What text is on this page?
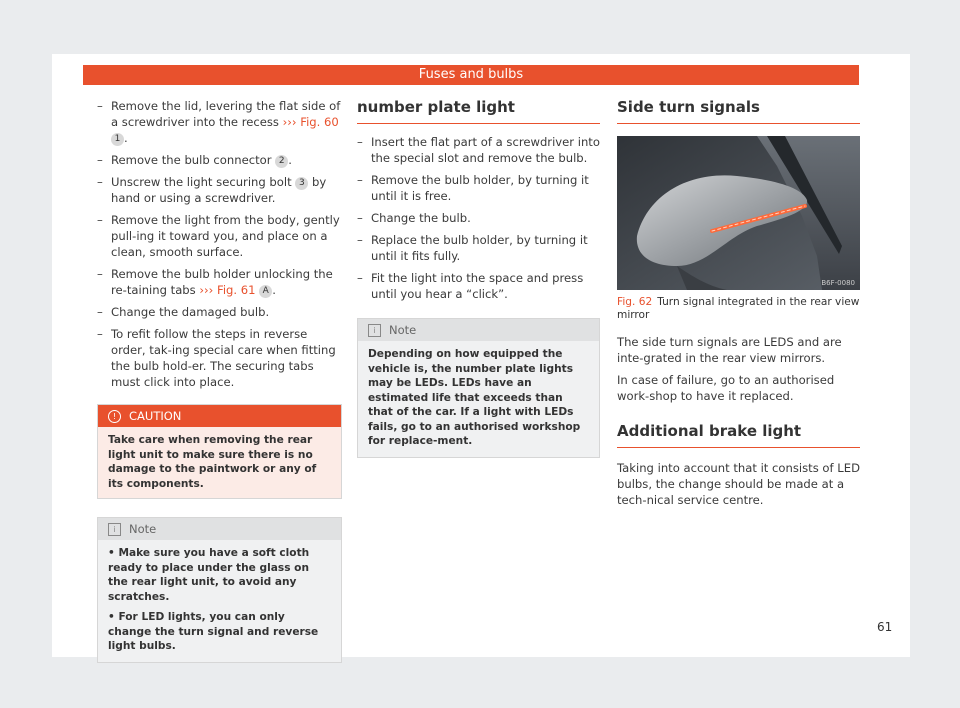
Fuses and bulbs
– Remove the lid, levering the flat side of a screwdriver into the recess ››› Fig. 60 1 .
– Remove the bulb connector 2 .
– Unscrew the light securing bolt 3 by hand or using a screwdriver.
– Remove the light from the body, gently pull-ing it toward you, and place on a clean, smooth surface.
– Remove the bulb holder unlocking the re-taining tabs ››› Fig. 61 A .
– Change the damaged bulb.
– To refit follow the steps in reverse order, tak-ing special care when fitting the bulb hold-er. The securing tabs must click into place.
! CAUTION
Take care when removing the rear light unit to make sure there is no damage to the paintwork or any of its components.
i Note

• Make sure you have a soft cloth ready to place under the glass on the rear light unit, to avoid any scratches.

• For LED lights, you can only change the turn signal and reverse light bulbs.

number plate light
– Insert the flat part of a screwdriver into the special slot and remove the bulb.
– Remove the bulb holder, by turning it until it is free.
– Change the bulb.
– Replace the bulb holder, by turning it until it fits fully.
– Fit the light into the space and press until you hear a “click”.
i Note
Depending on how equipped the vehicle is, the number plate lights may be LEDs. LEDs have an estimated life that exceeds than that of the car. If a light with LEDs fails, go to an authorised workshop for replace-ment.
Side turn signals
B6F-0080
Fig. 62 Turn signal integrated in the rear view mirror

The side turn signals are LEDS and are inte-grated in the rear view mirrors.

In case of failure, go to an authorised work-shop to have it replaced.

Additional brake light

Taking into account that it consists of LED bulbs, the change should be made at a tech-nical service centre.

61
